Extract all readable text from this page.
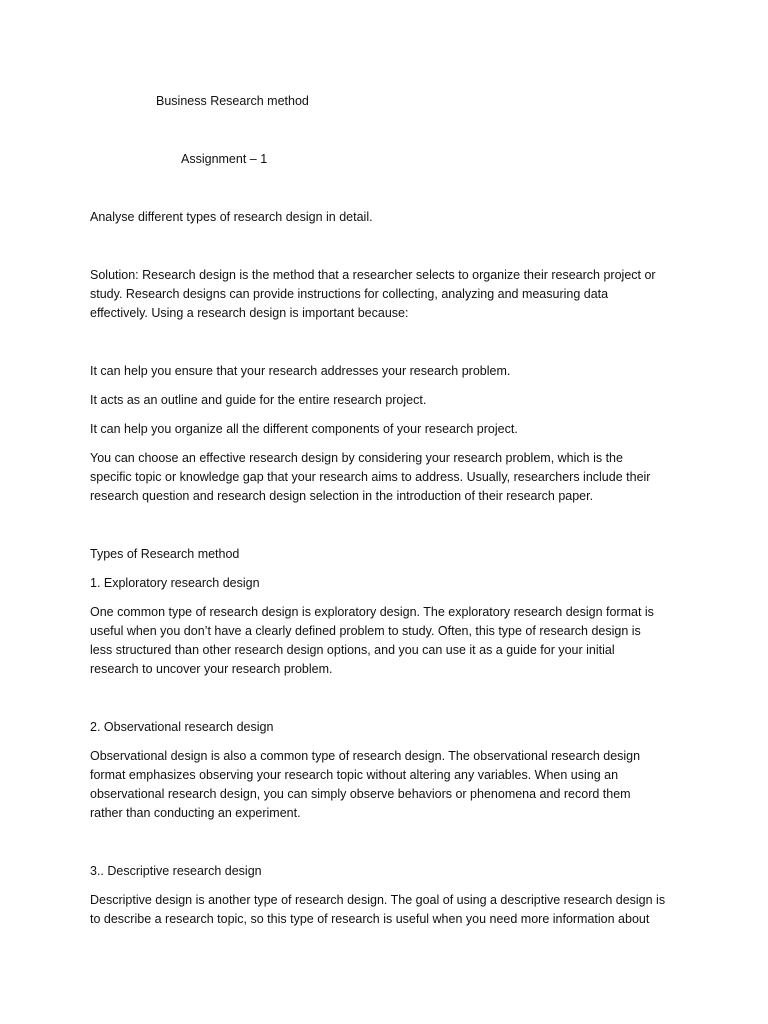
Business Research method

Assignment – 1

Analyse different types of research design in detail.

Solution: Research design is the method that a researcher selects to organize their research project or
study. Research designs can provide instructions for collecting, analyzing and measuring data
effectively. Using a research design is important because:

It can help you ensure that your research addresses your research problem.

It acts as an outline and guide for the entire research project.

It can help you organize all the different components of your research project.

You can choose an effective research design by considering your research problem, which is the
specific topic or knowledge gap that your research aims to address. Usually, researchers include their
research question and research design selection in the introduction of their research paper.

Types of Research method

1. Exploratory research design

One common type of research design is exploratory design. The exploratory research design format is
useful when you don’t have a clearly defined problem to study. Often, this type of research design is
less structured than other research design options, and you can use it as a guide for your initial
research to uncover your research problem.

2. Observational research design

Observational design is also a common type of research design. The observational research design
format emphasizes observing your research topic without altering any variables. When using an
observational research design, you can simply observe behaviors or phenomena and record them
rather than conducting an experiment.

3.. Descriptive research design

Descriptive design is another type of research design. The goal of using a descriptive research design is
to describe a research topic, so this type of research is useful when you need more information about
